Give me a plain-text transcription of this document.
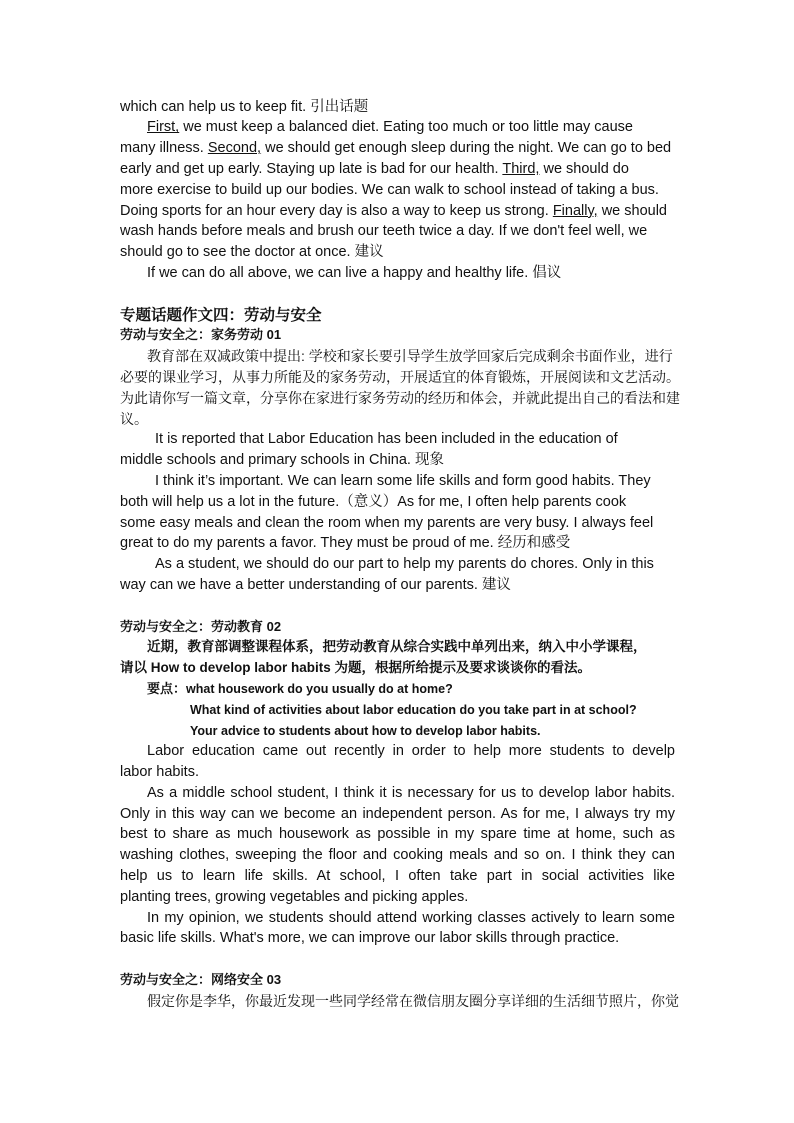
which can help us to keep fit. 引出话题
First, we must keep a balanced diet. Eating too much or too little may cause
many illness. Second, we should get enough sleep during the night. We can go to bed
early and get up early. Staying up late is bad for our health. Third, we should do
more exercise to build up our bodies. We can walk to school instead of taking a bus.
Doing sports for an hour every day is also a way to keep us strong. Finally, we should
wash hands before meals and brush our teeth twice a day. If we don't feel well, we
should go to see the doctor at once. 建议
If we can do all above, we can live a happy and healthy life. 倡议
专题话题作文四：劳动与安全
劳动与安全之：家务劳动 01
教育部在双减政策中提出: 学校和家长要引导学生放学回家后完成剩余书面作业，进行
必要的课业学习，从事力所能及的家务劳动，开展适宜的体育锻炼，开展阅读和文艺活动。
为此请你写一篇文章，分享你在家进行家务劳动的经历和体会，并就此提出自己的看法和建
议。
It is reported that Labor Education has been included in the education of
middle schools and primary schools in China. 现象
I think it’s important. We can learn some life skills and form good habits. They
both will help us a lot in the future.（意义）As for me, I often help parents cook
some easy meals and clean the room when my parents are very busy. I always feel
great to do my parents a favor. They must be proud of me. 经历和感受
As a student, we should do our part to help my parents do chores. Only in this
way can we have a better understanding of our parents. 建议
劳动与安全之：劳动教育 02
近期，教育部调整课程体系，把劳动教育从综合实践中单列出来，纳入中小学课程，
请以 How to develop labor habits 为题，根据所给提示及要求谈谈你的看法。
要点：what housework do you usually do at home?
What kind of activities about labor education do you take part in at school?
Your advice to students about how to develop labor habits.
Labor education came out recently in order to help more students to develp
labor habits.
As a middle school student, I think it is necessary for us to develop labor habits.
Only in this way can we become an independent person. As for me, I always try my
best to share as much housework as possible in my spare time at home, such as
washing clothes, sweeping the floor and cooking meals and so on. I think they can
help us to learn life skills. At school, I often take part in social activities like
planting trees, growing vegetables and picking apples.
In my opinion, we students should attend working classes actively to learn some
basic life skills. What's more, we can improve our labor skills through practice.
劳动与安全之：网络安全 03
假定你是李华，你最近发现一些同学经常在微信朋友圈分享详细的生活细节照片，你觉
